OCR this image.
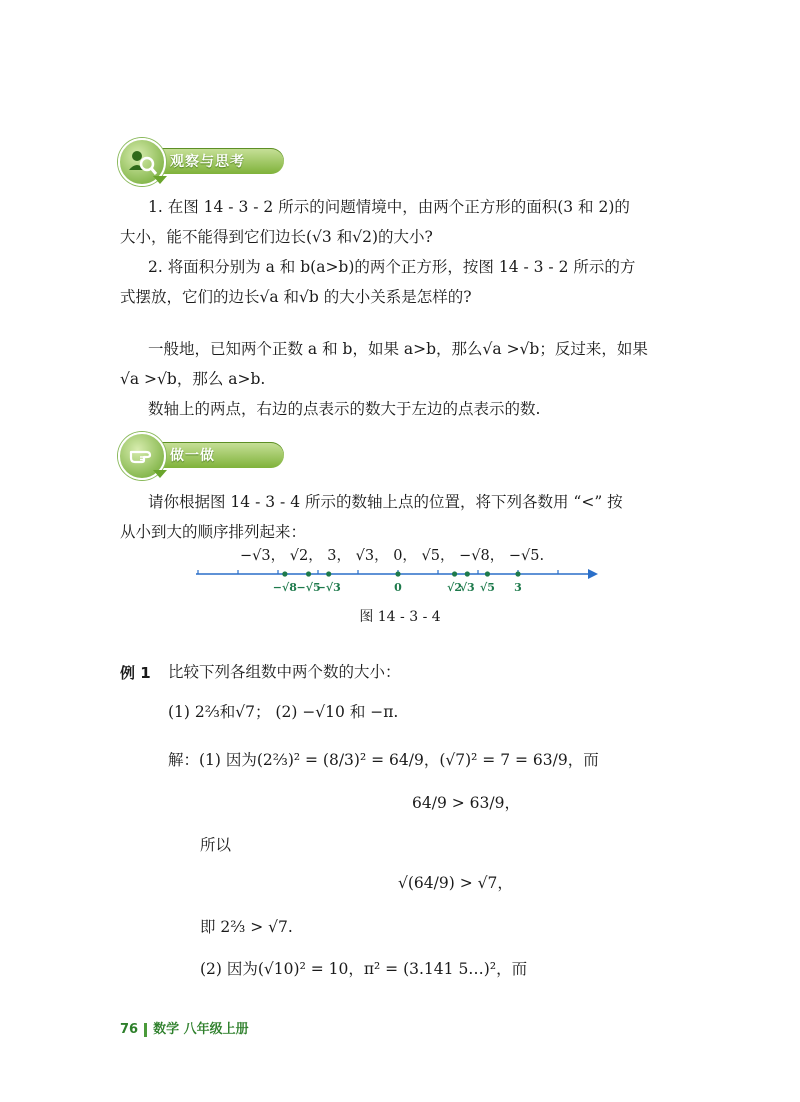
观察与思考
1. 在图 14 - 3 - 2 所示的问题情境中，由两个正方形的面积(3 和 2)的
大小，能不能得到它们边长(√3 和√2)的大小?
2. 将面积分别为 a 和 b(a>b)的两个正方形，按图 14 - 3 - 2 所示的方
式摆放，它们的边长√a 和√b 的大小关系是怎样的?
一般地，已知两个正数 a 和 b，如果 a>b，那么√a >√b；反过来，如果
√a >√b，那么 a>b.
数轴上的两点，右边的点表示的数大于左边的点表示的数.
做一做
请你根据图 14 - 3 - 4 所示的数轴上点的位置，将下列各数用 “<” 按
从小到大的顺序排列起来：
−√3， √2， 3， √3， 0， √5， −√8， −√5.
−√8 −√5
−√3	0	√2
√3 √5 3
图 14 - 3 - 4
例 1 比较下列各组数中两个数的大小：
(1) 2⅔和√7； (2) −√10 和 −π.
解：(1) 因为(2⅔)² = (8/3)² = 64/9，(√7)² = 7 = 63/9，而
64/9 > 63/9，
所以
√(64/9) > √7，
即 2⅔ > √7.
(2) 因为(√10)² = 10，π² = (3.141 5…)²，而
76 数学 八年级上册
